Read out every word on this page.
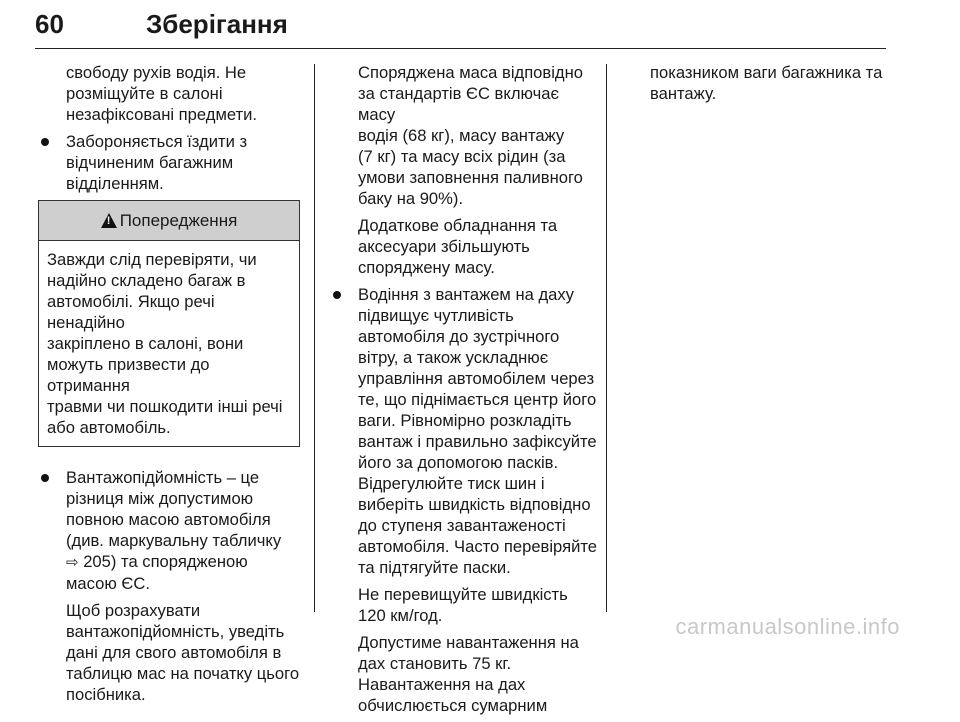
60	Зберігання

свободу рухів водія. Не
розміщуйте в салоні
незафіксовані предмети.

Забороняється їздити з
відчиненим багажним
відділенням.

! Попередження
Завжди слід перевіряти, чи
надійно складено багаж в
автомобілі. Якщо речі ненадійно
закріплено в салоні, вони
можуть призвести до отримання
травми чи пошкодити інші речі
або автомобіль.

Вантажопідйомність – це
різниця між допустимою
повною масою автомобіля
(див. маркувальну табличку
⇨ 205) та спорядженою
масою ЄС.

Щоб розрахувати
вантажопідйомність, уведіть
дані для свого автомобіля в
таблицю мас на початку цього
посібника.

Споряджена маса відповідно
за стандартів ЄС включає масу
водія (68 кг), масу вантажу
(7 кг) та масу всіх рідин (за
умови заповнення паливного
баку на 90%).

Додаткове обладнання та
аксесуари збільшують
споряджену масу.

Водіння з вантажем на даху
підвищує чутливість
автомобіля до зустрічного
вітру, а також ускладнює
управління автомобілем через
те, що піднімається центр його
ваги. Рівномірно розкладіть
вантаж і правильно зафіксуйте
його за допомогою пасків.
Відрегулюйте тиск шин і
виберіть швидкість відповідно
до ступеня завантаженості
автомобіля. Часто перевіряйте
та підтягуйте паски.

Не перевищуйте швидкість
120 км/год.

Допустиме навантаження на
дах становить 75 кг.
Навантаження на дах
обчислюється сумарним

показником ваги багажника та
вантажу.

carmanualsonline.info
